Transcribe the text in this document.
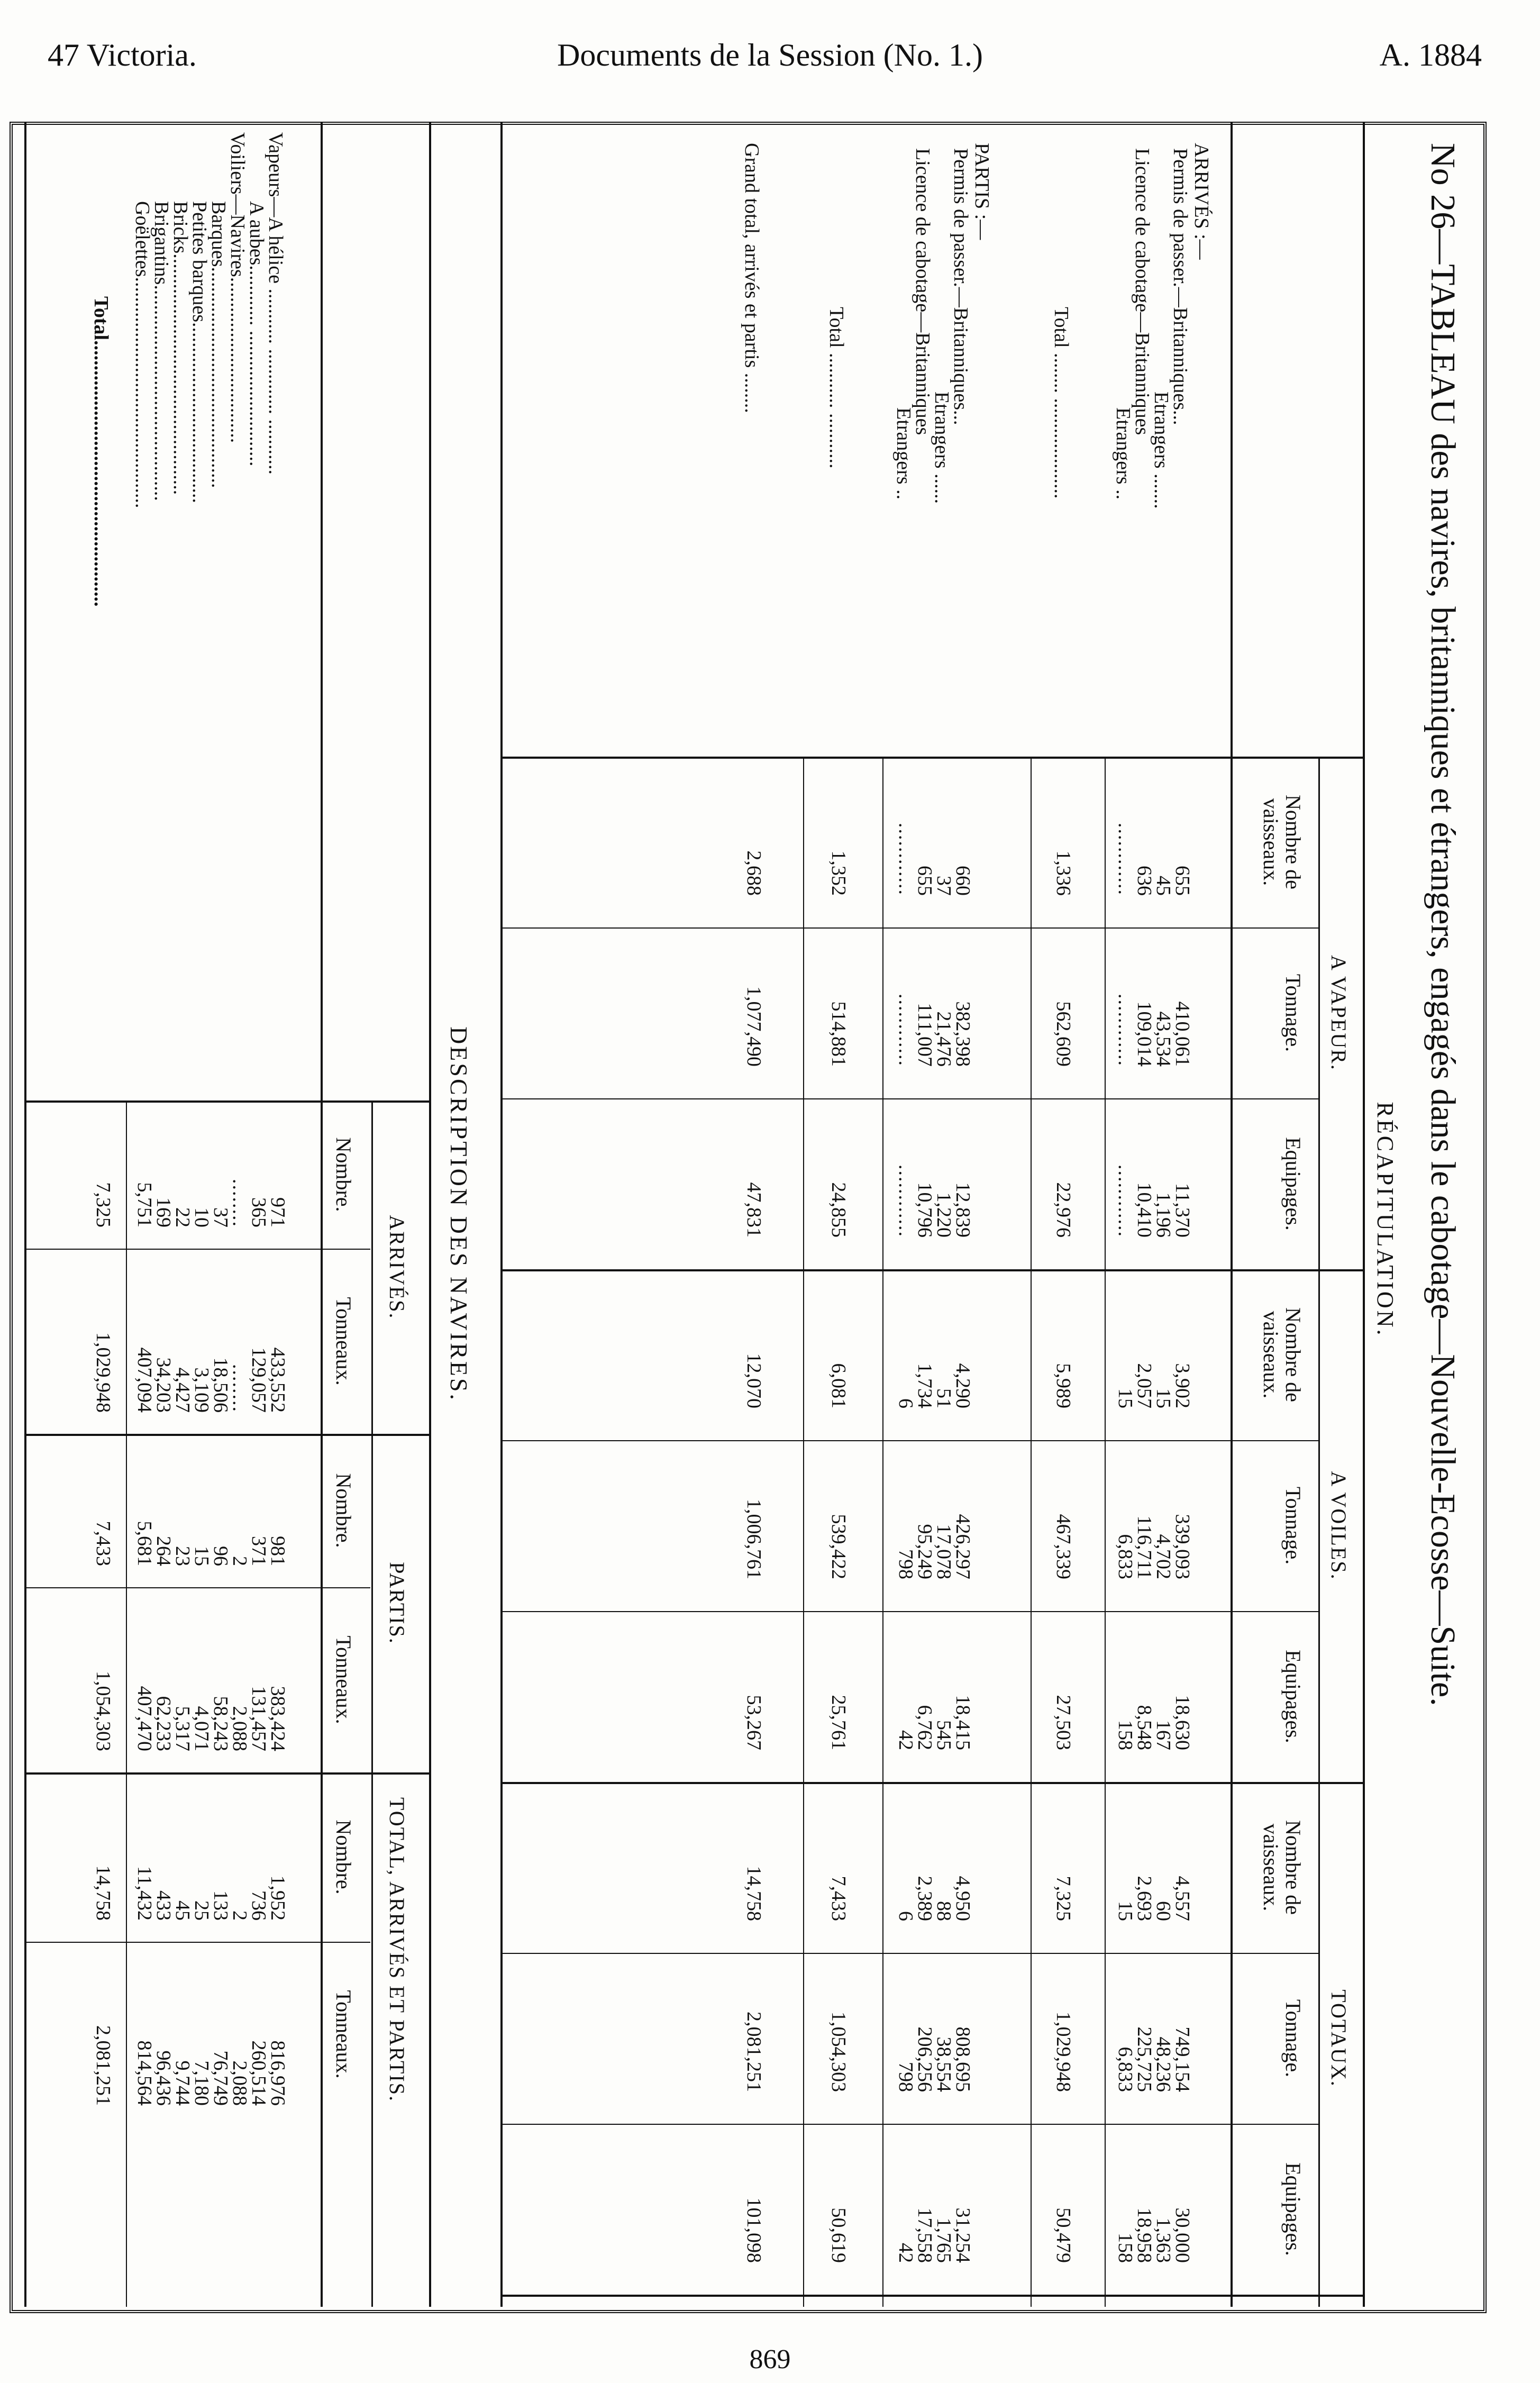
47 Victoria.	Documents de la Session (No. 1.)	A. 1884
869
No 26—TABLEAU des navires, britanniques et étrangers, engagés dans le cabotage—Nouvelle-Ecosse—Suite.
RÉCAPITULATION.
A VAPEUR.
A VOILES.
TOTAUX.
Nombre de vaisseaux.
Tonnage.
Equipages.
Nombre de vaisseaux.
Tonnage.
Equipages.
Nombre de vaisseaux.
Tonnage.
Equipages.
ARRIVÉS :—
Permis de passer.—Britanniques...
Etrangers .......
Licence de cabotage—Britanniques
Etrangers ..
Total ........ ....................
PARTIS :—
Permis de passer.—Britanniques...
Etrangers ......
Licence de cabotage—Britanniques
Etrangers ..
Total ........... ...........
Grand total, arrivés et partis ........
655
410,061
11,370
3,902
339,093
18,630
4,557
749,154
30,000
45
43,534
1,196
15
4,702
167
60
48,236
1,363
636
109,014
10,410
2,057
116,711
8,548
2,693
225,725
18,958
............
............
............
15
6,833
158
15
6,833
158
1,336
562,609
22,976
5,989
467,339
27,503
7,325
1,029,948
50,479
660
382,398
12,839
4,290
426,297
18,415
4,950
808,695
31,254
37
21,476
1,220
51
17,078
545
88
38,554
1,765
655
111,007
10,796
1,734
95,249
6,762
2,389
206,256
17,558
............
............
............
6
798
42
6
798
42
1,352
514,881
24,855
6,081
539,422
25,761
7,433
1,054,303
50,619
2,688
1,077,490
47,831
12,070
1,006,761
53,267
14,758
2,081,251
101,098
DESCRIPTION DES NAVIRES.
ARRIVÉS.
PARTIS.
TOTAL, ARRIVÉS ET PARTIS.
Nombre.
Tonneaux.
Nombre.
Tonneaux.
Nombre.
Tonneaux.
Vapeurs—A hélice ........... ............. ...........
A aubes............ ...........................
Voiliers—Navires.................................
Barques............................................
Petites barques....................................
Bricks................................................
Brigantins...........................................
Goëlettes..............................................
971
433,552
981
383,424
1,952
816,976
365
129,057
371
131,457
736
260,514
........
........
2
2,088
2
2,088
37
18,506
96
58,243
133
76,749
10
3,109
15
4,071
25
7,180
22
4,427
23
5,317
45
9,744
169
34,203
264
62,233
433
96,436
5,751
407,094
5,681
407,470
11,432
814,564
Total.....................................................
7,325
1,029,948
7,433
1,054,303
14,758
2,081,251
